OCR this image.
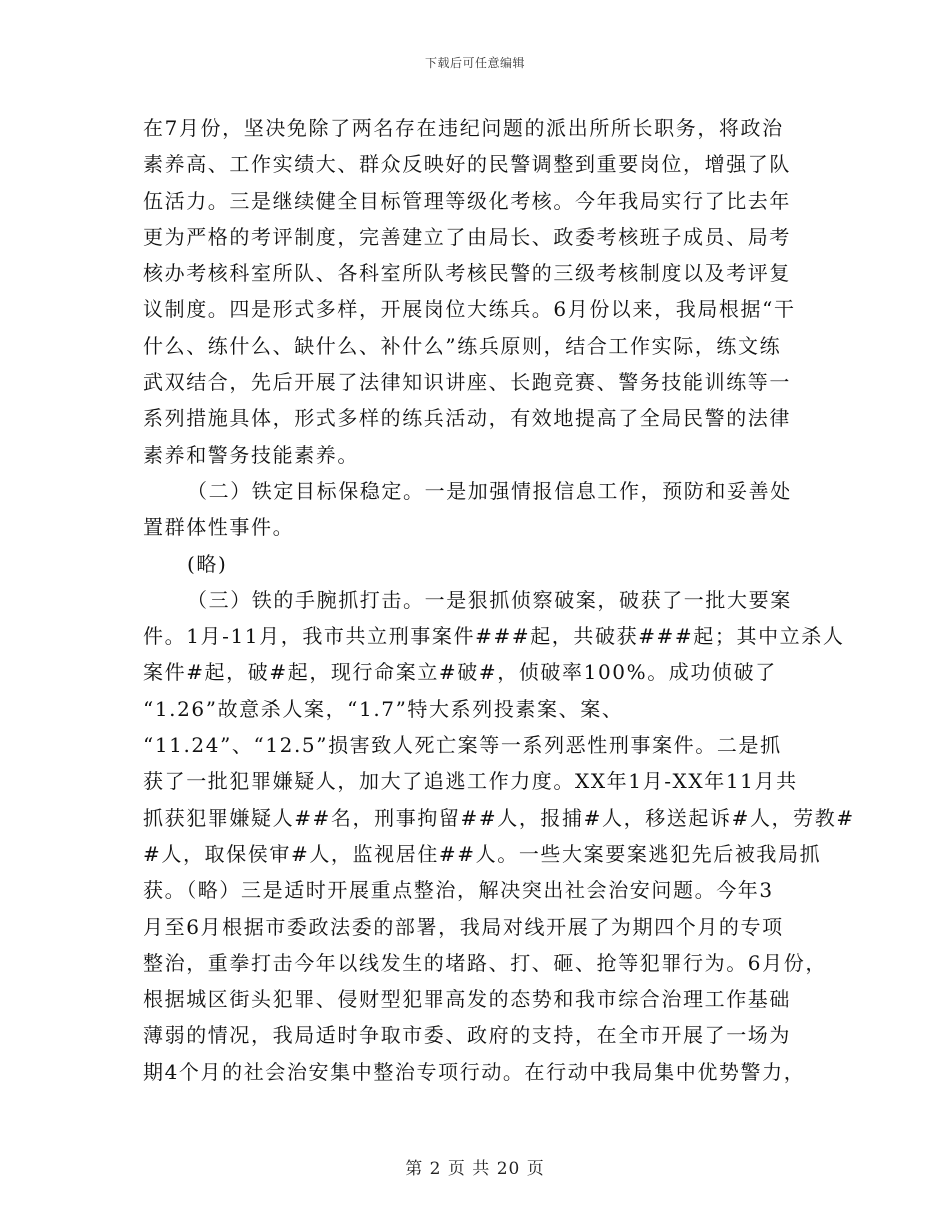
下载后可任意编辑
在7月份，坚决免除了两名存在违纪问题的派出所所长职务，将政治
素养高、工作实绩大、群众反映好的民警调整到重要岗位，增强了队
伍活力。三是继续健全目标管理等级化考核。今年我局实行了比去年
更为严格的考评制度，完善建立了由局长、政委考核班子成员、局考
核办考核科室所队、各科室所队考核民警的三级考核制度以及考评复
议制度。四是形式多样，开展岗位大练兵。6月份以来，我局根据“干
什么、练什么、缺什么、补什么”练兵原则，结合工作实际，练文练
武双结合，先后开展了法律知识讲座、长跑竞赛、警务技能训练等一
系列措施具体，形式多样的练兵活动，有效地提高了全局民警的法律
素养和警务技能素养。
（二）铁定目标保稳定。一是加强情报信息工作，预防和妥善处
置群体性事件。
(略)
（三）铁的手腕抓打击。一是狠抓侦察破案，破获了一批大要案
件。1月-11月，我市共立刑事案件###起，共破获###起；其中立杀人
案件#起，破#起，现行命案立#破#，侦破率100%。成功侦破了
“1.26”故意杀人案，“1.7”特大系列投素案、案、
“11.24”、“12.5”损害致人死亡案等一系列恶性刑事案件。二是抓
获了一批犯罪嫌疑人，加大了追逃工作力度。XX年1月-XX年11月共
抓获犯罪嫌疑人##名，刑事拘留##人，报捕#人，移送起诉#人，劳教#
#人，取保侯审#人，监视居住##人。一些大案要案逃犯先后被我局抓
获。（略）三是适时开展重点整治，解决突出社会治安问题。今年3
月至6月根据市委政法委的部署，我局对线开展了为期四个月的专项
整治，重拳打击今年以线发生的堵路、打、砸、抢等犯罪行为。6月份，
根据城区街头犯罪、侵财型犯罪高发的态势和我市综合治理工作基础
薄弱的情况，我局适时争取市委、政府的支持，在全市开展了一场为
期4个月的社会治安集中整治专项行动。在行动中我局集中优势警力，
第 2 页 共 20 页
